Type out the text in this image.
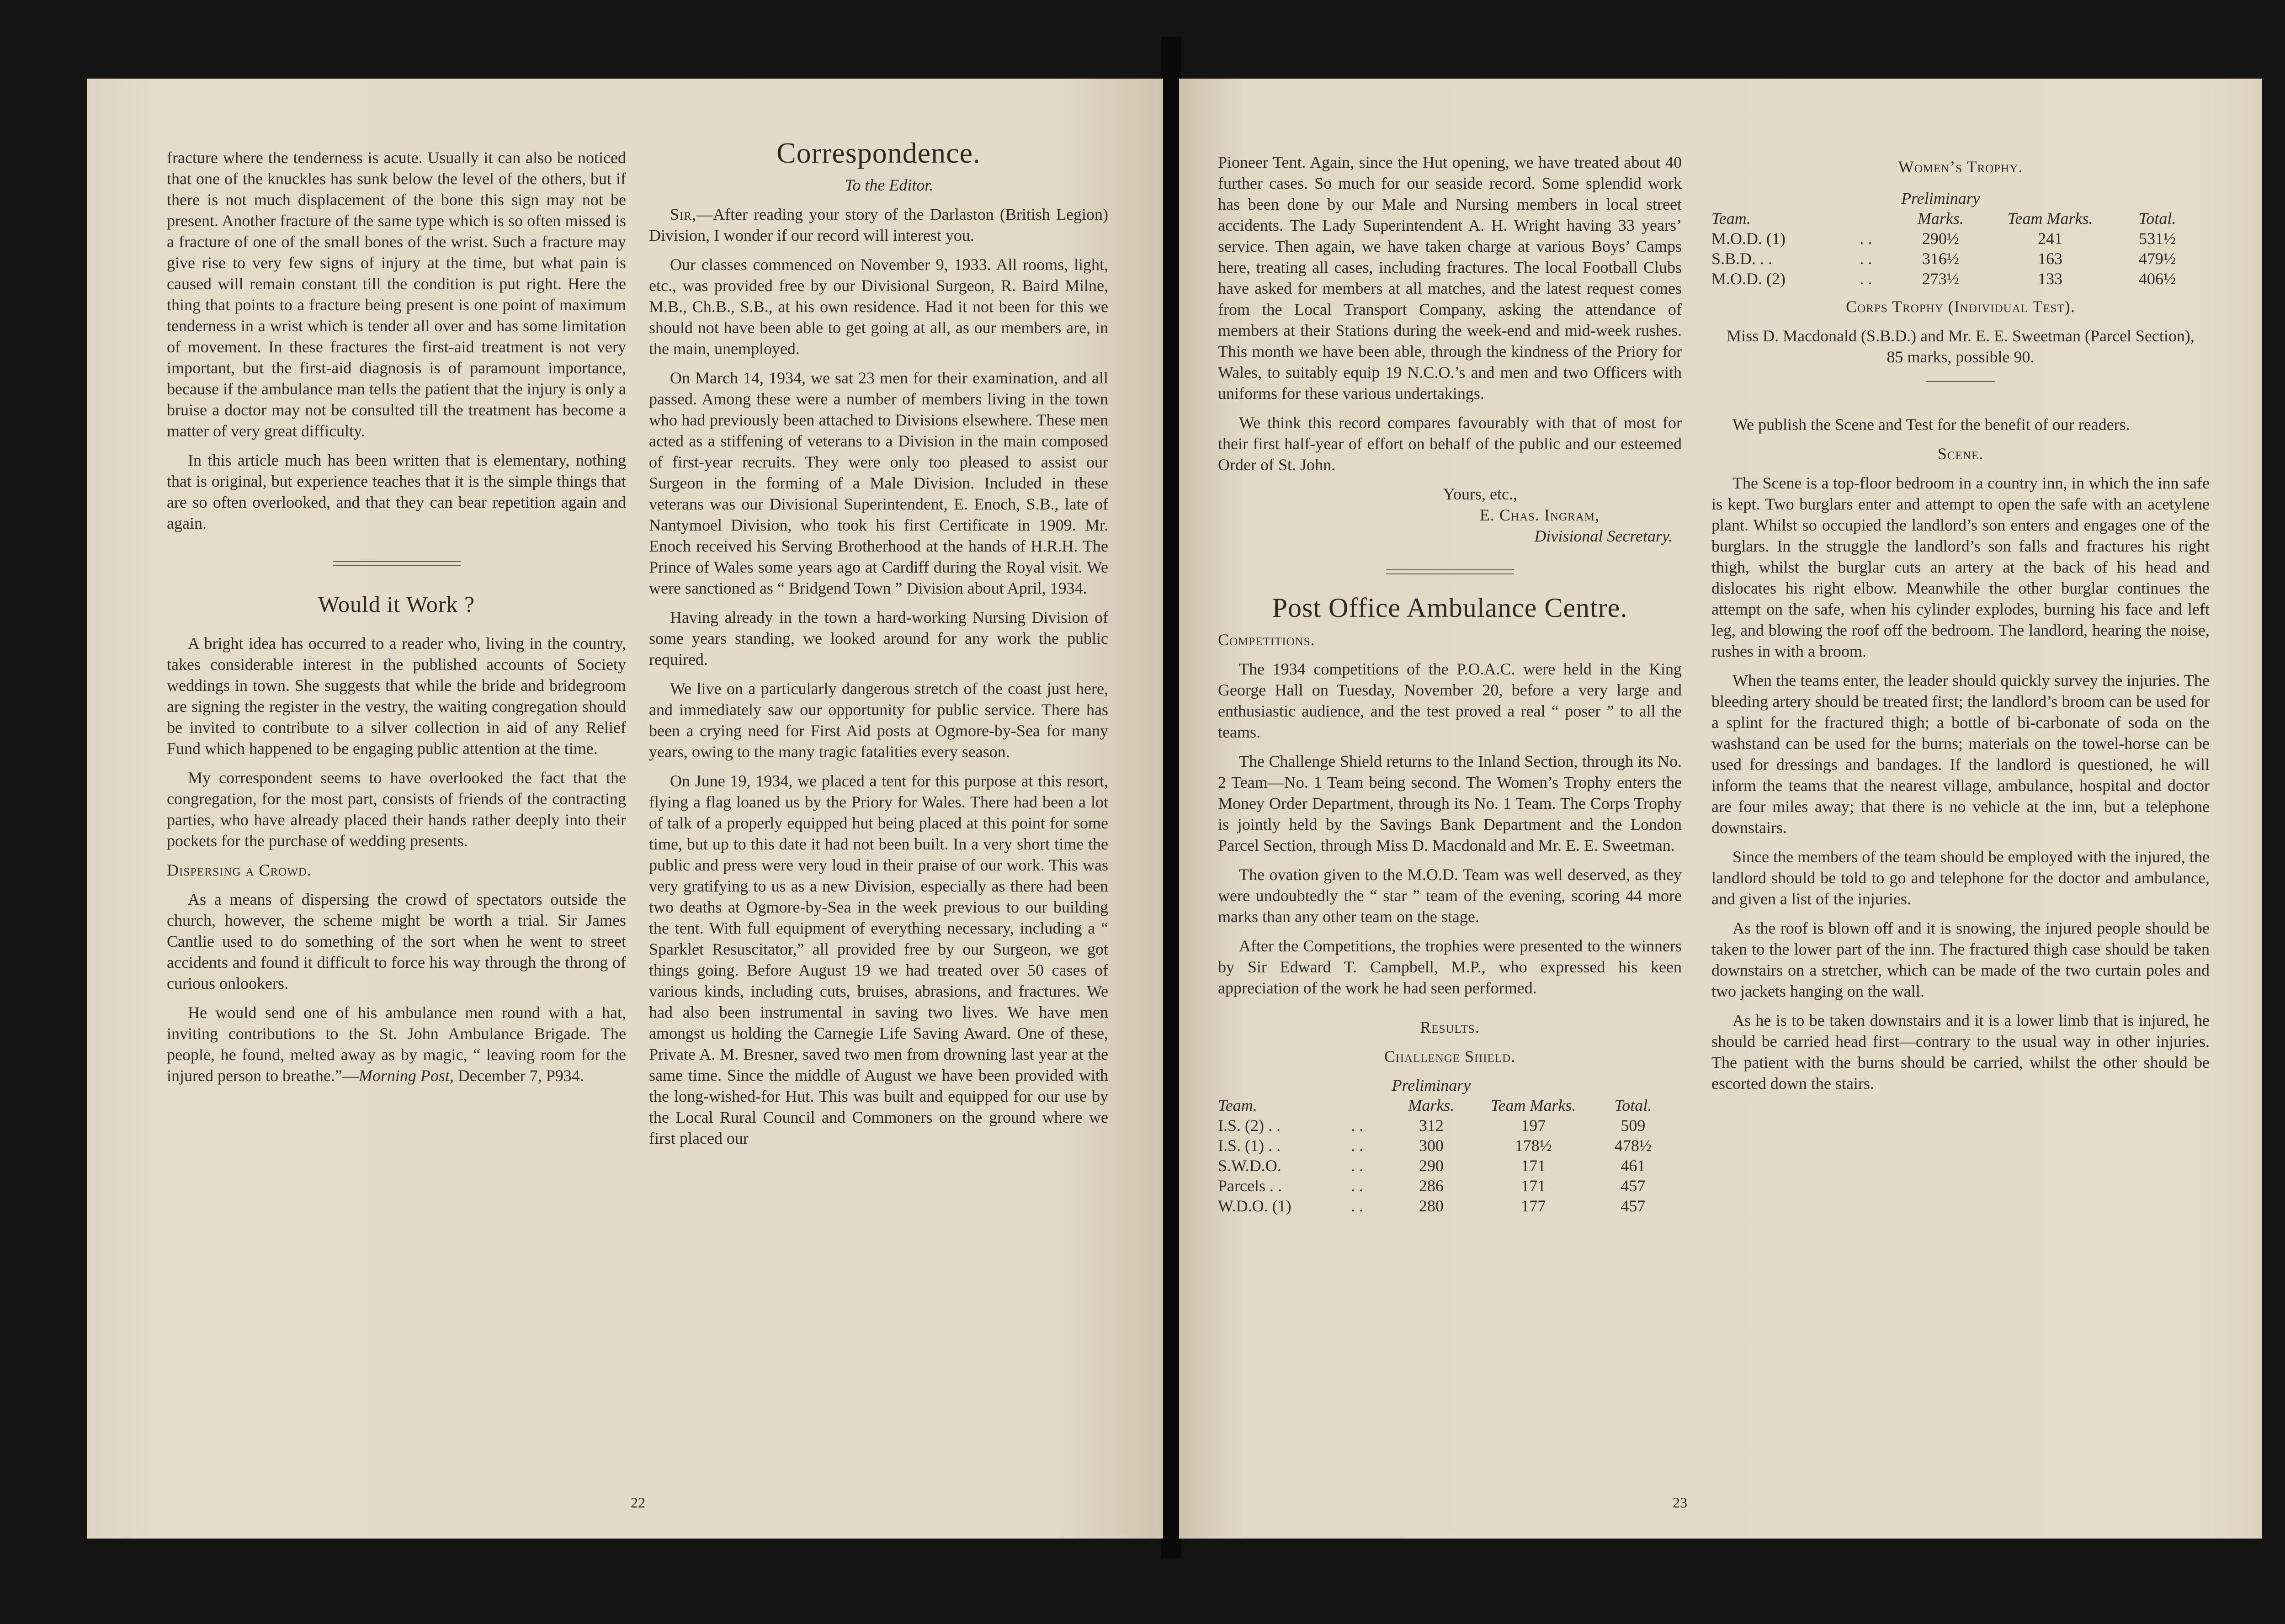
fracture where the tenderness is acute. Usually it can also be noticed that one of the knuckles has sunk below the level of the others, but if there is not much displacement of the bone this sign may not be present. Another fracture of the same type which is so often missed is a fracture of one of the small bones of the wrist. Such a fracture may give rise to very few signs of injury at the time, but what pain is caused will remain constant till the condition is put right. Here the thing that points to a fracture being present is one point of maximum tenderness in a wrist which is tender all over and has some limitation of movement. In these fractures the first-aid treatment is not very important, but the first-aid diagnosis is of paramount importance, because if the ambulance man tells the patient that the injury is only a bruise a doctor may not be consulted till the treatment has become a matter of very great difficulty.

In this article much has been written that is elementary, nothing that is original, but experience teaches that it is the simple things that are so often overlooked, and that they can bear repetition again and again.

Would it Work ?

A bright idea has occurred to a reader who, living in the country, takes considerable interest in the published accounts of Society weddings in town. She suggests that while the bride and bridegroom are signing the register in the vestry, the waiting congregation should be invited to contribute to a silver collection in aid of any Relief Fund which happened to be engaging public attention at the time.

My correspondent seems to have overlooked the fact that the congregation, for the most part, consists of friends of the contracting parties, who have already placed their hands rather deeply into their pockets for the purchase of wedding presents.

Dispersing a Crowd.

As a means of dispersing the crowd of spectators outside the church, however, the scheme might be worth a trial. Sir James Cantlie used to do something of the sort when he went to street accidents and found it difficult to force his way through the throng of curious onlookers.

He would send one of his ambulance men round with a hat, inviting contributions to the St. John Ambulance Brigade. The people, he found, melted away as by magic, “ leaving room for the injured person to breathe.”—Morning Post, December 7, P934.

Correspondence.

To the Editor.

Sir,—After reading your story of the Darlaston (British Legion) Division, I wonder if our record will interest you.

Our classes commenced on November 9, 1933. All rooms, light, etc., was provided free by our Divisional Surgeon, R. Baird Milne, M.B., Ch.B., S.B., at his own residence. Had it not been for this we should not have been able to get going at all, as our members are, in the main, unemployed.

On March 14, 1934, we sat 23 men for their examination, and all passed. Among these were a number of members living in the town who had previously been attached to Divisions elsewhere. These men acted as a stiffening of veterans to a Division in the main composed of first-year recruits. They were only too pleased to assist our Surgeon in the forming of a Male Division. Included in these veterans was our Divisional Superintendent, E. Enoch, S.B., late of Nantymoel Division, who took his first Certificate in 1909. Mr. Enoch received his Serving Brotherhood at the hands of H.R.H. The Prince of Wales some years ago at Cardiff during the Royal visit. We were sanctioned as “ Bridgend Town ” Division about April, 1934.

Having already in the town a hard-working Nursing Division of some years standing, we looked around for any work the public required.

We live on a particularly dangerous stretch of the coast just here, and immediately saw our opportunity for public service. There has been a crying need for First Aid posts at Ogmore-by-Sea for many years, owing to the many tragic fatalities every season.

On June 19, 1934, we placed a tent for this purpose at this resort, flying a flag loaned us by the Priory for Wales. There had been a lot of talk of a properly equipped hut being placed at this point for some time, but up to this date it had not been built. In a very short time the public and press were very loud in their praise of our work. This was very gratifying to us as a new Division, especially as there had been two deaths at Ogmore-by-Sea in the week previous to our building the tent. With full equipment of everything necessary, including a “ Sparklet Resuscitator,” all provided free by our Surgeon, we got things going. Before August 19 we had treated over 50 cases of various kinds, including cuts, bruises, abrasions, and fractures. We had also been instrumental in saving two lives. We have men amongst us holding the Carnegie Life Saving Award. One of these, Private A. M. Bresner, saved two men from drowning last year at the same time. Since the middle of August we have been provided with the long-wished-for Hut. This was built and equipped for our use by the Local Rural Council and Commoners on the ground where we first placed our

22

Pioneer Tent. Again, since the Hut opening, we have treated about 40 further cases. So much for our seaside record. Some splendid work has been done by our Male and Nursing members in local street accidents. The Lady Superintendent A. H. Wright having 33 years’ service. Then again, we have taken charge at various Boys’ Camps here, treating all cases, including fractures. The local Football Clubs have asked for members at all matches, and the latest request comes from the Local Transport Company, asking the attendance of members at their Stations during the week-end and mid-week rushes. This month we have been able, through the kindness of the Priory for Wales, to suitably equip 19 N.C.O.’s and men and two Officers with uniforms for these various undertakings.

We think this record compares favourably with that of most for their first half-year of effort on behalf of the public and our esteemed Order of St. John.

Yours, etc.,
E. Chas. Ingram,
Divisional Secretary.
Post Office Ambulance Centre.

Competitions.

The 1934 competitions of the P.O.A.C. were held in the King George Hall on Tuesday, November 20, before a very large and enthusiastic audience, and the test proved a real “ poser ” to all the teams.

The Challenge Shield returns to the Inland Section, through its No. 2 Team—No. 1 Team being second. The Women’s Trophy enters the Money Order Department, through its No. 1 Team. The Corps Trophy is jointly held by the Savings Bank Department and the London Parcel Section, through Miss D. Macdonald and Mr. E. E. Sweetman.

The ovation given to the M.O.D. Team was well deserved, as they were undoubtedly the “ star ” team of the evening, scoring 44 more marks than any other team on the stage.

After the Competitions, the trophies were presented to the winners by Sir Edward T. Campbell, M.P., who expressed his keen appreciation of the work he had seen performed.

Results.

Challenge Shield.

Team.		Preliminary Marks.	Team Marks.	Total.
I.S. (2) . .	. .	312	197	509
I.S. (1) . .	. .	300	178½	478½
S.W.D.O.	. .	290	171	461
Parcels . .	. .	286	171	457
W.D.O. (1)	. .	280	177	457

Women’s Trophy.

Team.		Preliminary Marks.	Team Marks.	Total.
M.O.D. (1)	. .	290½	241	531½
S.B.D. . .	. .	316½	163	479½
M.O.D. (2)	. .	273½	133	406½

Corps Trophy (Individual Test).

Miss D. Macdonald (S.B.D.) and Mr. E. E. Sweetman (Parcel Section), 85 marks, possible 90.

We publish the Scene and Test for the benefit of our readers.

Scene.

The Scene is a top-floor bedroom in a country inn, in which the inn safe is kept. Two burglars enter and attempt to open the safe with an acetylene plant. Whilst so occupied the landlord’s son enters and engages one of the burglars. In the struggle the landlord’s son falls and fractures his right thigh, whilst the burglar cuts an artery at the back of his head and dislocates his right elbow. Meanwhile the other burglar continues the attempt on the safe, when his cylinder explodes, burning his face and left leg, and blowing the roof off the bedroom. The landlord, hearing the noise, rushes in with a broom.

When the teams enter, the leader should quickly survey the injuries. The bleeding artery should be treated first; the landlord’s broom can be used for a splint for the fractured thigh; a bottle of bi-carbonate of soda on the washstand can be used for the burns; materials on the towel-horse can be used for dressings and bandages. If the landlord is questioned, he will inform the teams that the nearest village, ambulance, hospital and doctor are four miles away; that there is no vehicle at the inn, but a telephone downstairs.

Since the members of the team should be employed with the injured, the landlord should be told to go and telephone for the doctor and ambulance, and given a list of the injuries.

As the roof is blown off and it is snowing, the injured people should be taken to the lower part of the inn. The fractured thigh case should be taken downstairs on a stretcher, which can be made of the two curtain poles and two jackets hanging on the wall.

As he is to be taken downstairs and it is a lower limb that is injured, he should be carried head first—contrary to the usual way in other injuries. The patient with the burns should be carried, whilst the other should be escorted down the stairs.

23
